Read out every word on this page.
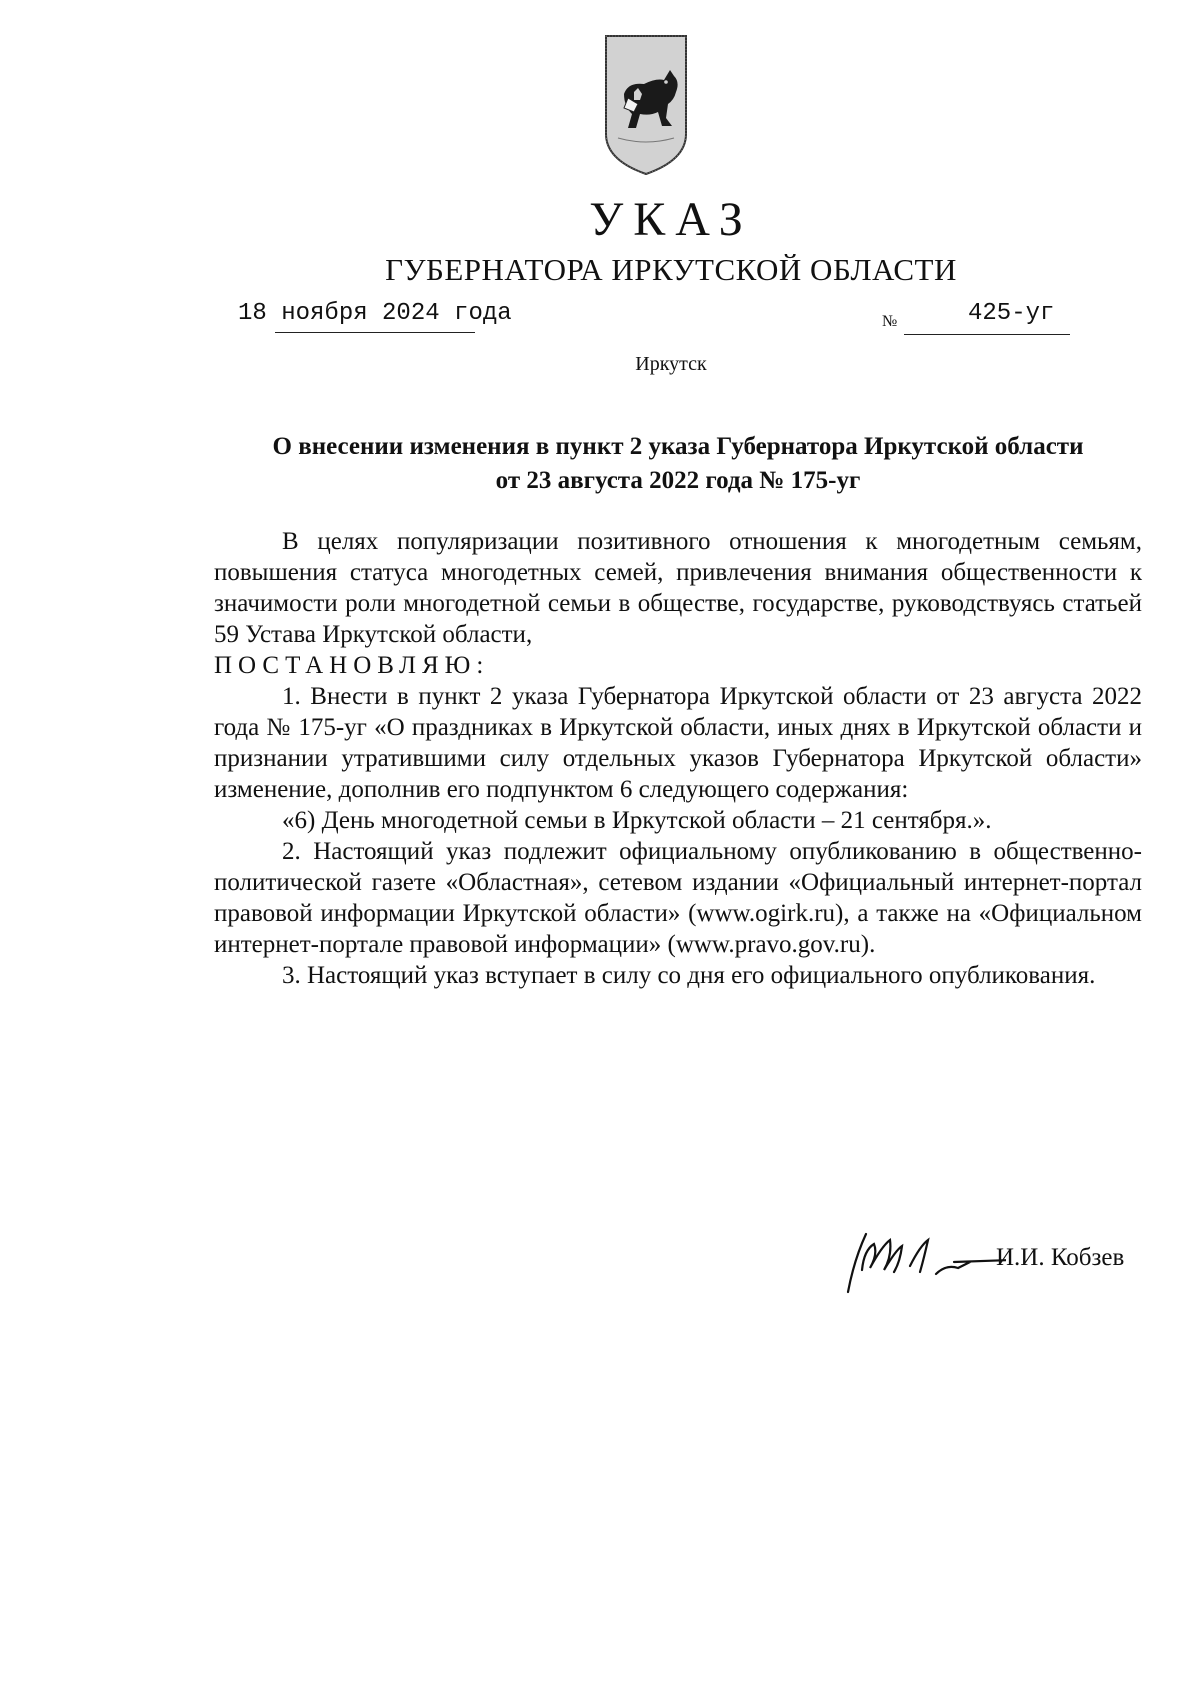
УКАЗ
ГУБЕРНАТОРА ИРКУТСКОЙ ОБЛАСТИ
18 ноября 2024 года	№	425-уг
Иркутск
О внесении изменения в пункт 2 указа Губернатора Иркутской области
от 23 августа 2022 года № 175-уг

В целях популяризации позитивного отношения к многодетным семьям, повышения статуса многодетных семей, привлечения внимания общественности к значимости роли многодетной семьи в обществе, государстве, руководствуясь статьей 59 Устава Иркутской области,

ПОСТАНОВЛЯЮ:

1. Внести в пункт 2 указа Губернатора Иркутской области от 23 августа 2022 года № 175-уг «О праздниках в Иркутской области, иных днях в Иркутской области и признании утратившими силу отдельных указов Губернатора Иркутской области» изменение, дополнив его подпунктом 6 следующего содержания:

«6) День многодетной семьи в Иркутской области – 21 сентября.».

2. Настоящий указ подлежит официальному опубликованию в общественно-политической газете «Областная», сетевом издании «Официальный интернет-портал правовой информации Иркутской области» (www.ogirk.ru), а также на «Официальном интернет-портале правовой информации» (www.pravo.gov.ru).

3. Настоящий указ вступает в силу со дня его официального опубликования.

И.И. Кобзев
